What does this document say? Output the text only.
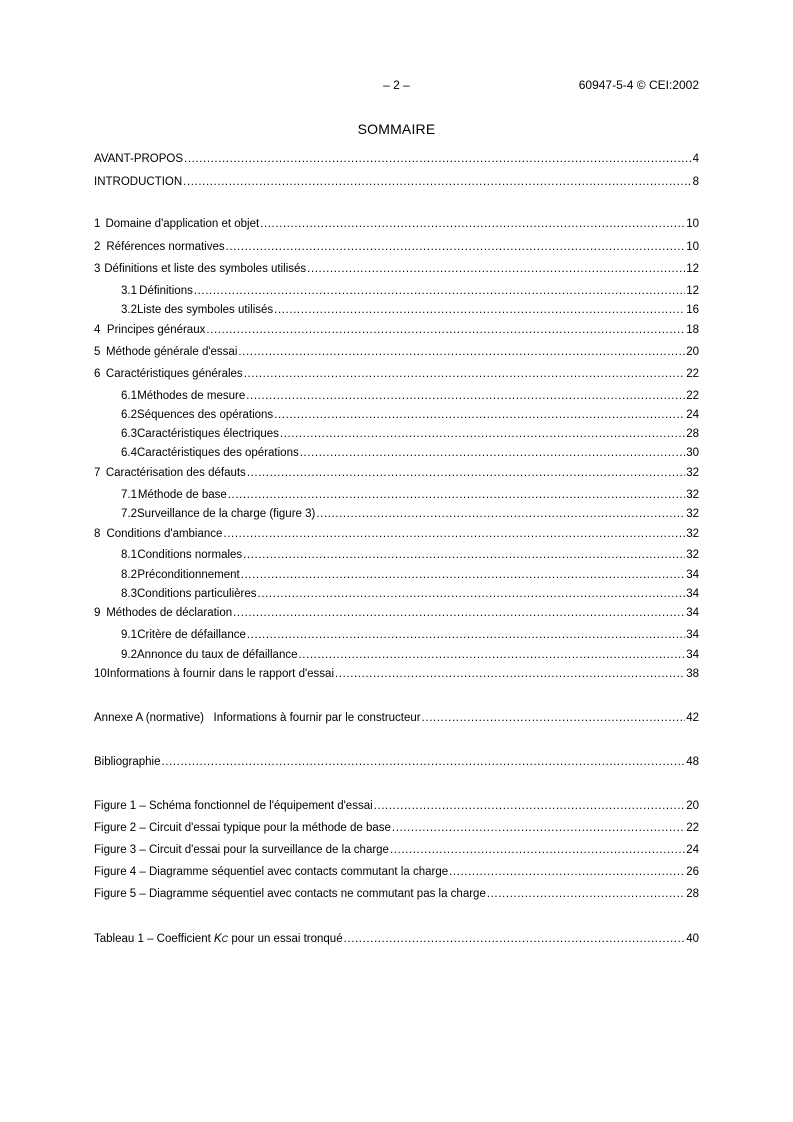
– 2 –	60947-5-4 © CEI:2002
SOMMAIRE
AVANT-PROPOS .....	4
INTRODUCTION .....	8
1 Domaine d'application et objet .....	10
2 Références normatives .....	10
3 Définitions et liste des symboles utilisés .....	12
3.1 Définitions .....	12
3.2 Liste des symboles utilisés .....	16
4 Principes généraux .....	18
5 Méthode générale d'essai .....	20
6 Caractéristiques générales .....	22
6.1 Méthodes de mesure .....	22
6.2 Séquences des opérations .....	24
6.3 Caractéristiques électriques .....	28
6.4 Caractéristiques des opérations .....	30
7 Caractérisation des défauts .....	32
7.1 Méthode de base .....	32
7.2 Surveillance de la charge (figure 3) .....	32
8 Conditions d'ambiance .....	32
8.1 Conditions normales .....	32
8.2 Préconditionnement .....	34
8.3 Conditions particulières .....	34
9 Méthodes de déclaration .....	34
9.1 Critère de défaillance .....	34
9.2 Annonce du taux de défaillance .....	34
10 Informations à fournir dans le rapport d'essai .....	38
Annexe A (normative)   Informations à fournir par le constructeur .....	42
Bibliographie .....	48
Figure 1 – Schéma fonctionnel de l'équipement d'essai .....	20
Figure 2 – Circuit d'essai typique pour la méthode de base .....	22
Figure 3 – Circuit d'essai pour la surveillance de la charge .....	24
Figure 4 – Diagramme séquentiel avec contacts commutant la charge .....	26
Figure 5 – Diagramme séquentiel avec contacts ne commutant pas la charge .....	28
Tableau 1 – Coefficient KC pour un essai tronqué .....	40
